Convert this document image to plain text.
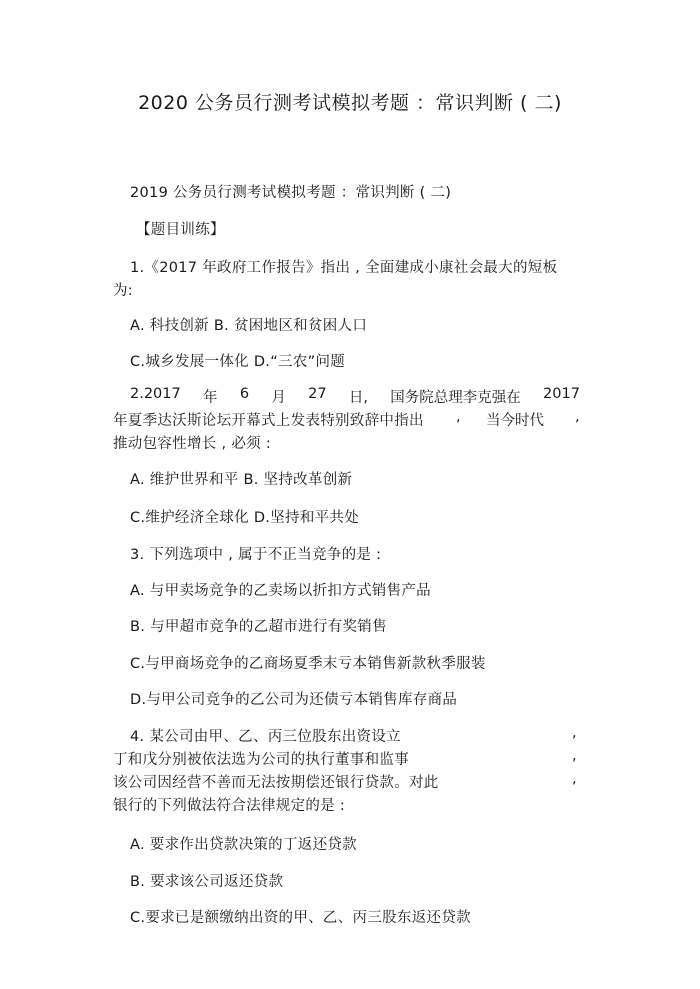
2020 公务员行测考试模拟考题 ：常识判断 ( 二)
2019 公务员行测考试模拟考题 ：常识判断 ( 二)
【题目训练】
1.《2017 年政府工作报告》指出 , 全面建成小康社会最大的短板
为:
A. 科技创新 B. 贫困地区和贫困人口
C.城乡发展一体化 D.“三农”问题
2.2017 年 6 月 27 日, 国务院总理李克强在 2017
年夏季达沃斯论坛开幕式上发表特别致辞中指出 , 当今时代 ,
推动包容性增长 , 必须 :
A. 维护世界和平 B. 坚持改革创新
C.维护经济全球化 D.坚持和平共处
3. 下列选项中 , 属于不正当竞争的是 :
A. 与甲卖场竞争的乙卖场以折扣方式销售产品
B. 与甲超市竞争的乙超市进行有奖销售
C.与甲商场竞争的乙商场夏季末亏本销售新款秋季服装
D.与甲公司竞争的乙公司为还债亏本销售库存商品
4. 某公司由甲、乙、丙三位股东出资设立	,
丁和戊分别被依法选为公司的执行董事和监事	,
该公司因经营不善而无法按期偿还银行贷款。对此	,
银行的下列做法符合法律规定的是 :
A. 要求作出贷款决策的丁返还贷款
B. 要求该公司返还贷款
C.要求已是额缴纳出资的甲、乙、丙三股东返还贷款
